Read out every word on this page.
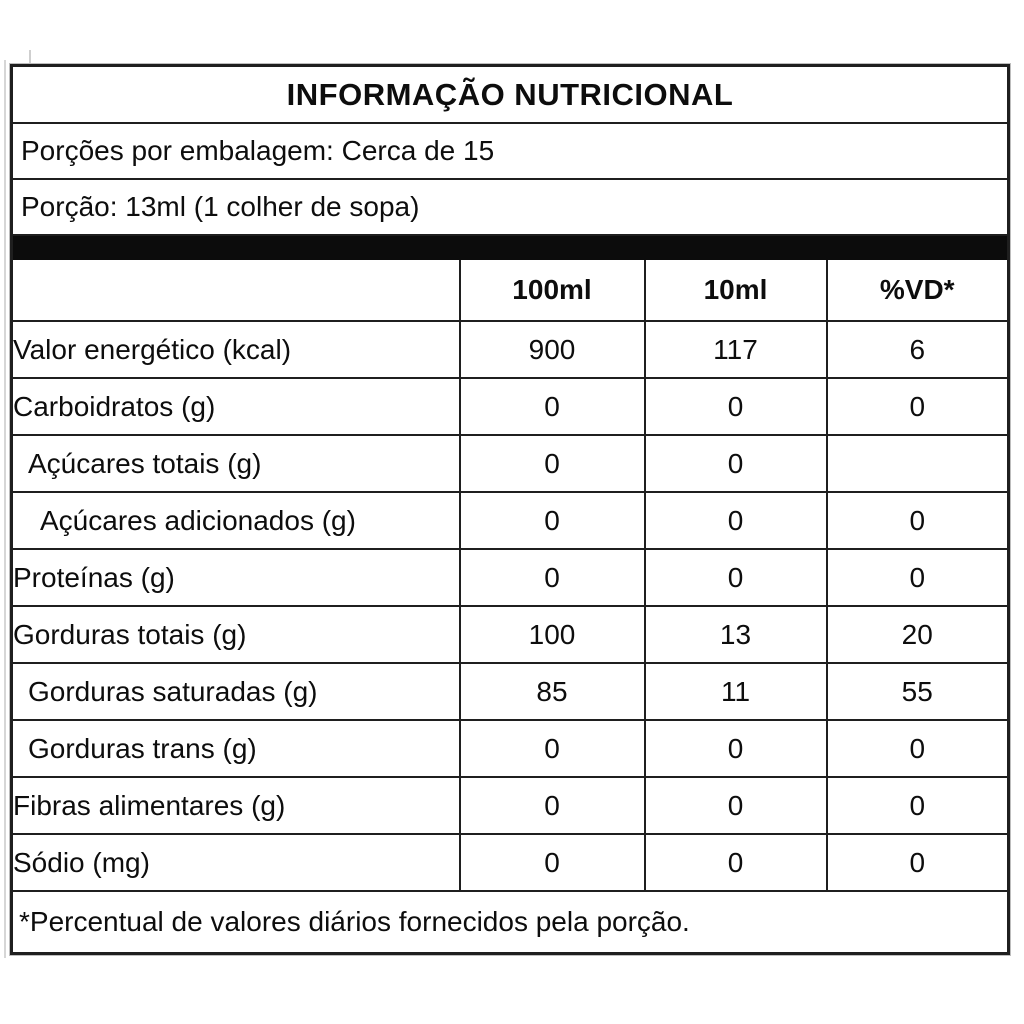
INFORMAÇÃO NUTRICIONAL			
Porções por embalagem: Cerca de 15			
Porção: 13ml (1 colher de sopa)			

	100ml	10ml	%VD*
Valor energético (kcal)	900	117	6
Carboidratos (g)	0	0	0
Açúcares totais (g)	0	0	
Açúcares adicionados (g)	0	0	0
Proteínas (g)	0	0	0
Gorduras totais (g)	100	13	20
Gorduras saturadas (g)	85	11	55
Gorduras trans (g)	0	0	0
Fibras alimentares (g)	0	0	0
Sódio (mg)	0	0	0
*Percentual de valores diários fornecidos pela porção.			
